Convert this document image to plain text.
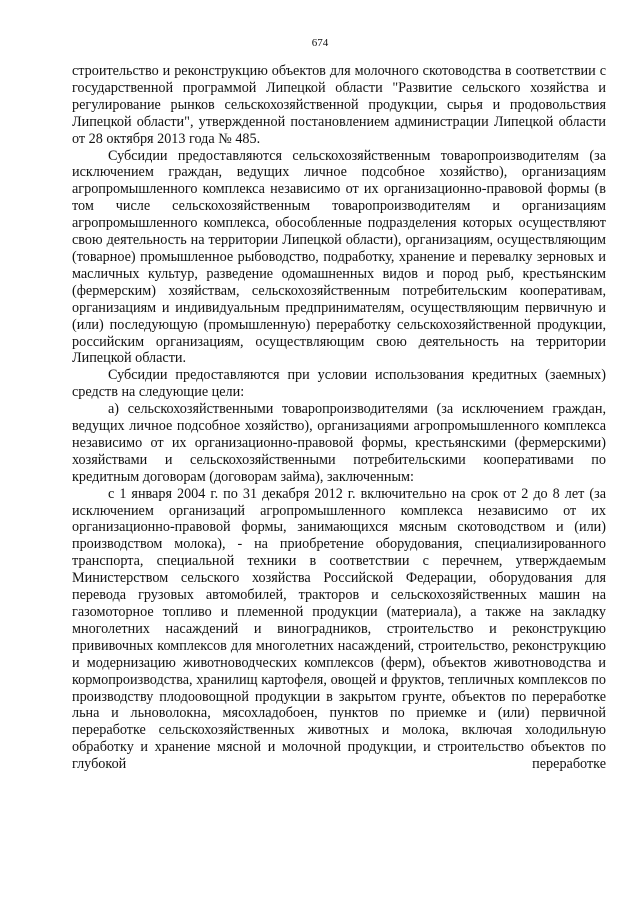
674

строительство и реконструкцию объектов для молочного скотоводства в соответствии с государственной программой Липецкой области "Развитие сельского хозяйства и регулирование рынков сельскохозяйственной продукции, сырья и продовольствия Липецкой области", утвержденной постановлением администрации Липецкой области от 28 октября 2013 года № 485.

Субсидии предоставляются сельскохозяйственным товаропроизводителям (за исключением граждан, ведущих личное подсобное хозяйство), организациям агропромышленного комплекса независимо от их организационно-правовой формы (в том числе сельскохозяйственным товаропроизводителям и организациям агропромышленного комплекса, обособленные подразделения которых осуществляют свою деятельность на территории Липецкой области), организациям, осуществляющим (товарное) промышленное рыбоводство, подработку, хранение и перевалку зерновых и масличных культур, разведение одомашненных видов и пород рыб, крестьянским (фермерским) хозяйствам, сельскохозяйственным потребительским кооперативам, организациям и индивидуальным предпринимателям, осуществляющим первичную и (или) последующую (промышленную) переработку сельскохозяйственной продукции, российским организациям, осуществляющим свою деятельность на территории Липецкой области.

Субсидии предоставляются при условии использования кредитных (заемных) средств на следующие цели:

а) сельскохозяйственными товаропроизводителями (за исключением граждан, ведущих личное подсобное хозяйство), организациями агропромышленного комплекса независимо от их организационно-правовой формы, крестьянскими (фермерскими) хозяйствами и сельскохозяйственными потребительскими кооперативами по кредитным договорам (договорам займа), заключенным:

с 1 января 2004 г. по 31 декабря 2012 г. включительно на срок от 2 до 8 лет (за исключением организаций агропромышленного комплекса независимо от их организационно-правовой формы, занимающихся мясным скотоводством и (или) производством молока), - на приобретение оборудования, специализированного транспорта, специальной техники в соответствии с перечнем, утверждаемым Министерством сельского хозяйства Российской Федерации, оборудования для перевода грузовых автомобилей, тракторов и сельскохозяйственных машин на газомоторное топливо и племенной продукции (материала), а также на закладку многолетних насаждений и виноградников, строительство и реконструкцию прививочных комплексов для многолетних насаждений, строительство, реконструкцию и модернизацию животноводческих комплексов (ферм), объектов животноводства и кормопроизводства, хранилищ картофеля, овощей и фруктов, тепличных комплексов по производству плодоовощной продукции в закрытом грунте, объектов по переработке льна и льноволокна, мясохладобоен, пунктов по приемке и (или) первичной переработке сельскохозяйственных животных и молока, включая холодильную обработку и хранение мясной и молочной продукции, и строительство объектов по глубокой переработке
